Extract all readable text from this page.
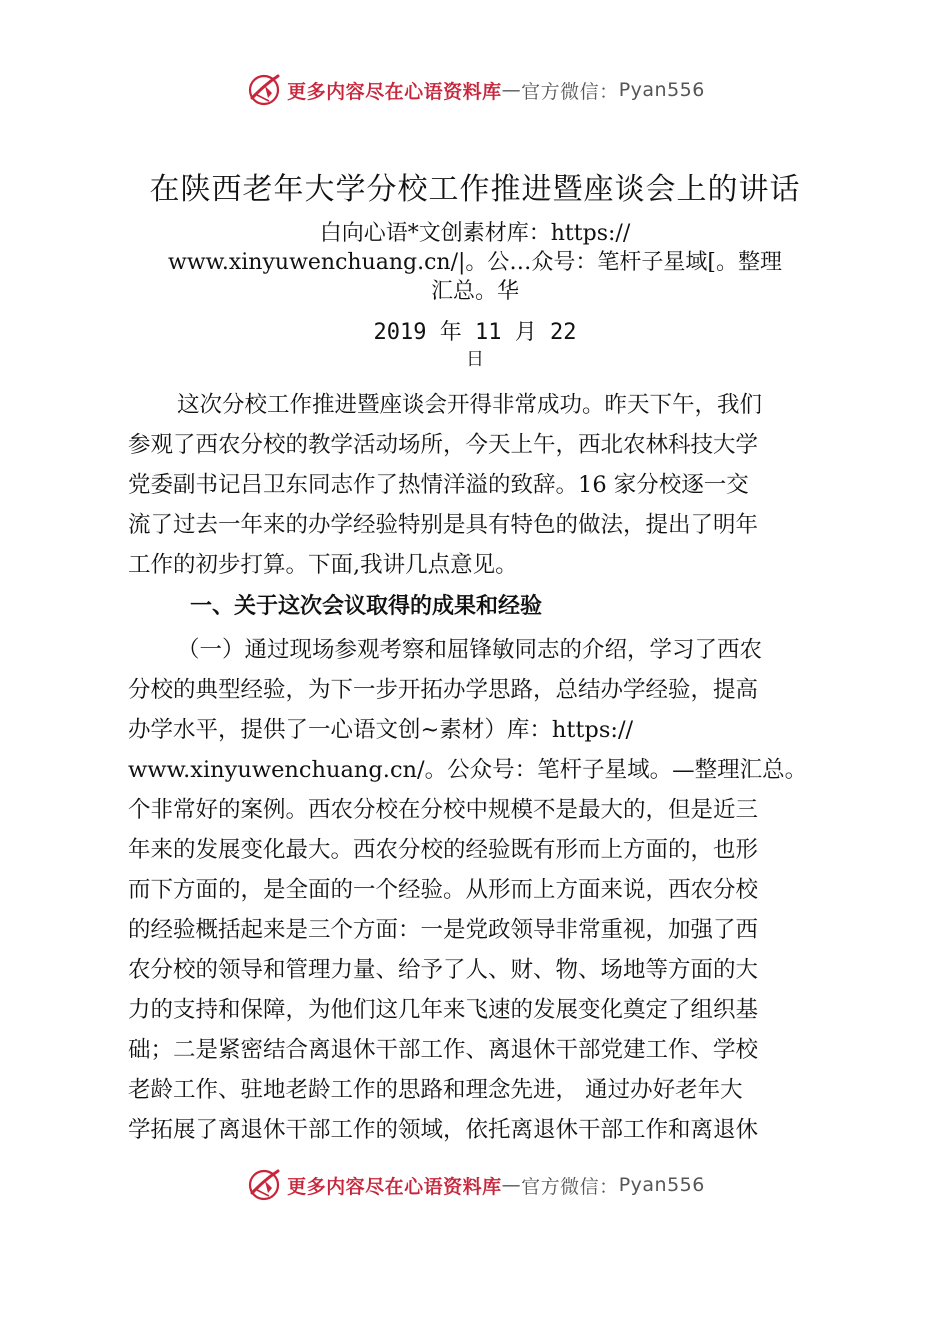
更多内容尽在心语资料库 — 官方微信： Pyan556
在陕西老年大学分校工作推进暨座谈会上的讲话
白向心语*文创素材库：https://
www.xinyuwenchuang.cn/|。公…众号：笔杆子星域[。整理
汇总。华
2019 年 11 月 22
日
这次分校工作推进暨座谈会开得非常成功。昨天下午，我们
参观了西农分校的教学活动场所，今天上午，西北农林科技大学
党委副书记吕卫东同志作了热情洋溢的致辞。16 家分校逐一交
流了过去一年来的办学经验特别是具有特色的做法，提出了明年
工作的初步打算。下面,我讲几点意见。
一、关于这次会议取得的成果和经验
（一）通过现场参观考察和屈锋敏同志的介绍，学习了西农
分校的典型经验，为下一步开拓办学思路，总结办学经验，提高
办学水平，提供了一心语文创~素材）库：https://
www.xinyuwenchuang.cn/。公众号：笔杆子星域。—整理汇总。
个非常好的案例。西农分校在分校中规模不是最大的，但是近三
年来的发展变化最大。西农分校的经验既有形而上方面的，也形
而下方面的，是全面的一个经验。从形而上方面来说，西农分校
的经验概括起来是三个方面：一是党政领导非常重视，加强了西
农分校的领导和管理力量、给予了人、财、物、场地等方面的大
力的支持和保障，为他们这几年来飞速的发展变化奠定了组织基
础；二是紧密结合离退休干部工作、离退休干部党建工作、学校
老龄工作、驻地老龄工作的思路和理念先进， 通过办好老年大
学拓展了离退休干部工作的领域，依托离退休干部工作和离退休
更多内容尽在心语资料库 — 官方微信： Pyan556
